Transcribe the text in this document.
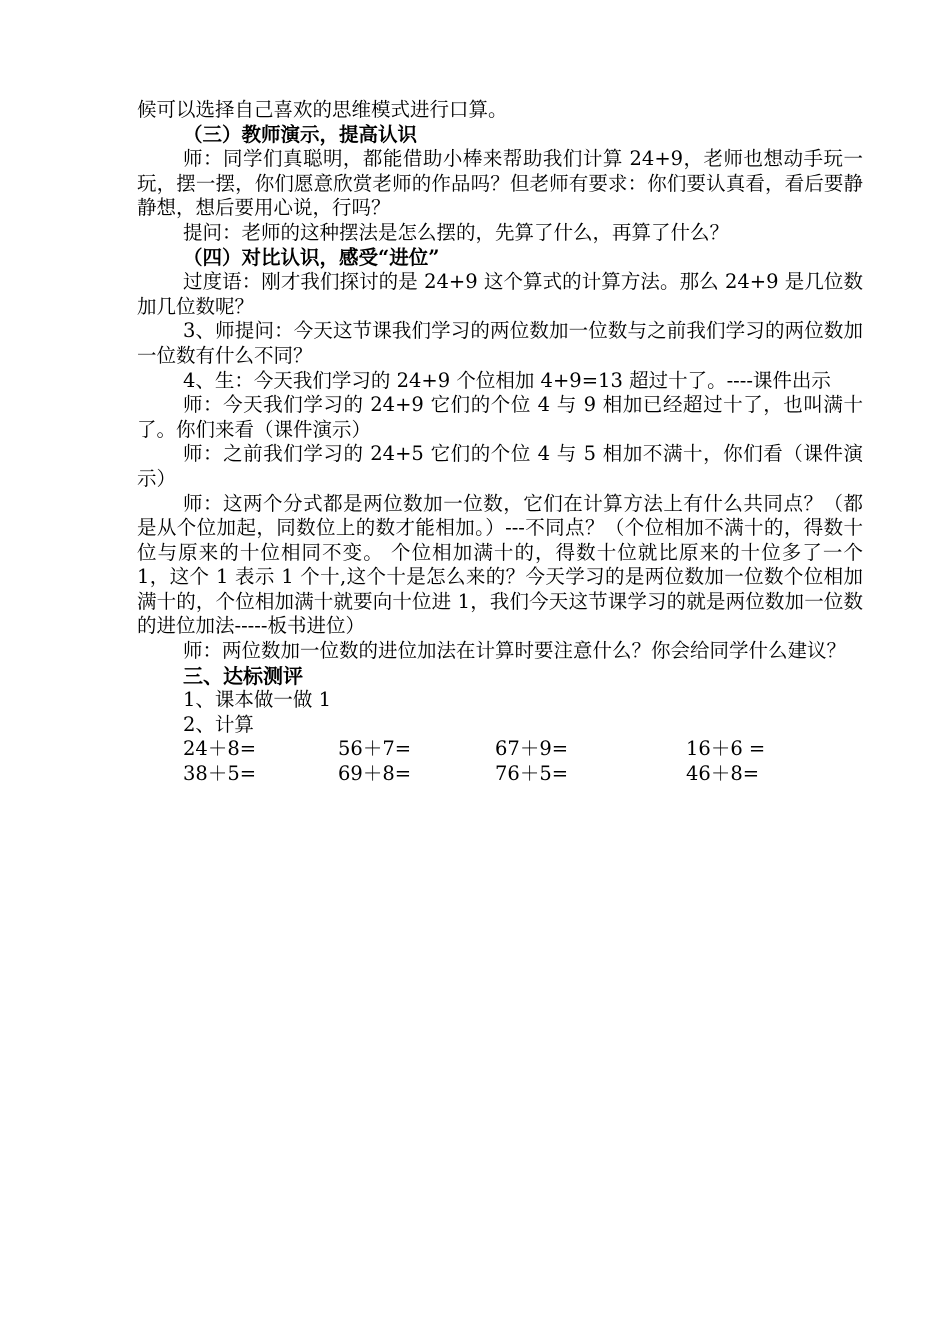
候可以选择自己喜欢的思维模式进行口算。

（三）教师演示，提高认识

师：同学们真聪明，都能借助小棒来帮助我们计算 24+9，老师也想动手玩一玩，摆一摆，你们愿意欣赏老师的作品吗？但老师有要求：你们要认真看，看后要静静想，想后要用心说，行吗？

提问：老师的这种摆法是怎么摆的，先算了什么，再算了什么？

（四）对比认识，感受“进位”

过度语：刚才我们探讨的是 24+9 这个算式的计算方法。那么 24+9 是几位数加几位数呢？

3、师提问：今天这节课我们学习的两位数加一位数与之前我们学习的两位数加一位数有什么不同？

4、生：今天我们学习的 24+9 个位相加 4+9=13 超过十了。----课件出示

师：今天我们学习的 24+9 它们的个位 4 与 9 相加已经超过十了，也叫满十了。你们来看（课件演示）

师：之前我们学习的 24+5 它们的个位 4 与 5 相加不满十，你们看（课件演示）

师：这两个分式都是两位数加一位数，它们在计算方法上有什么共同点？（都是从个位加起，同数位上的数才能相加。）---不同点？（个位相加不满十的，得数十位与原来的十位相同不变。 个位相加满十的，得数十位就比原来的十位多了一个 1，这个 1 表示 1 个十,这个十是怎么来的？今天学习的是两位数加一位数个位相加满十的，个位相加满十就要向十位进 1，我们今天这节课学习的就是两位数加一位数的进位加法-----板书进位）

师：两位数加一位数的进位加法在计算时要注意什么？你会给同学什么建议？

三、达标测评

1、课本做一做 1

2、计算

24＋8=	56＋7=	67＋9=	16＋6 =
38＋5=	69＋8=	76＋5=	46＋8=
